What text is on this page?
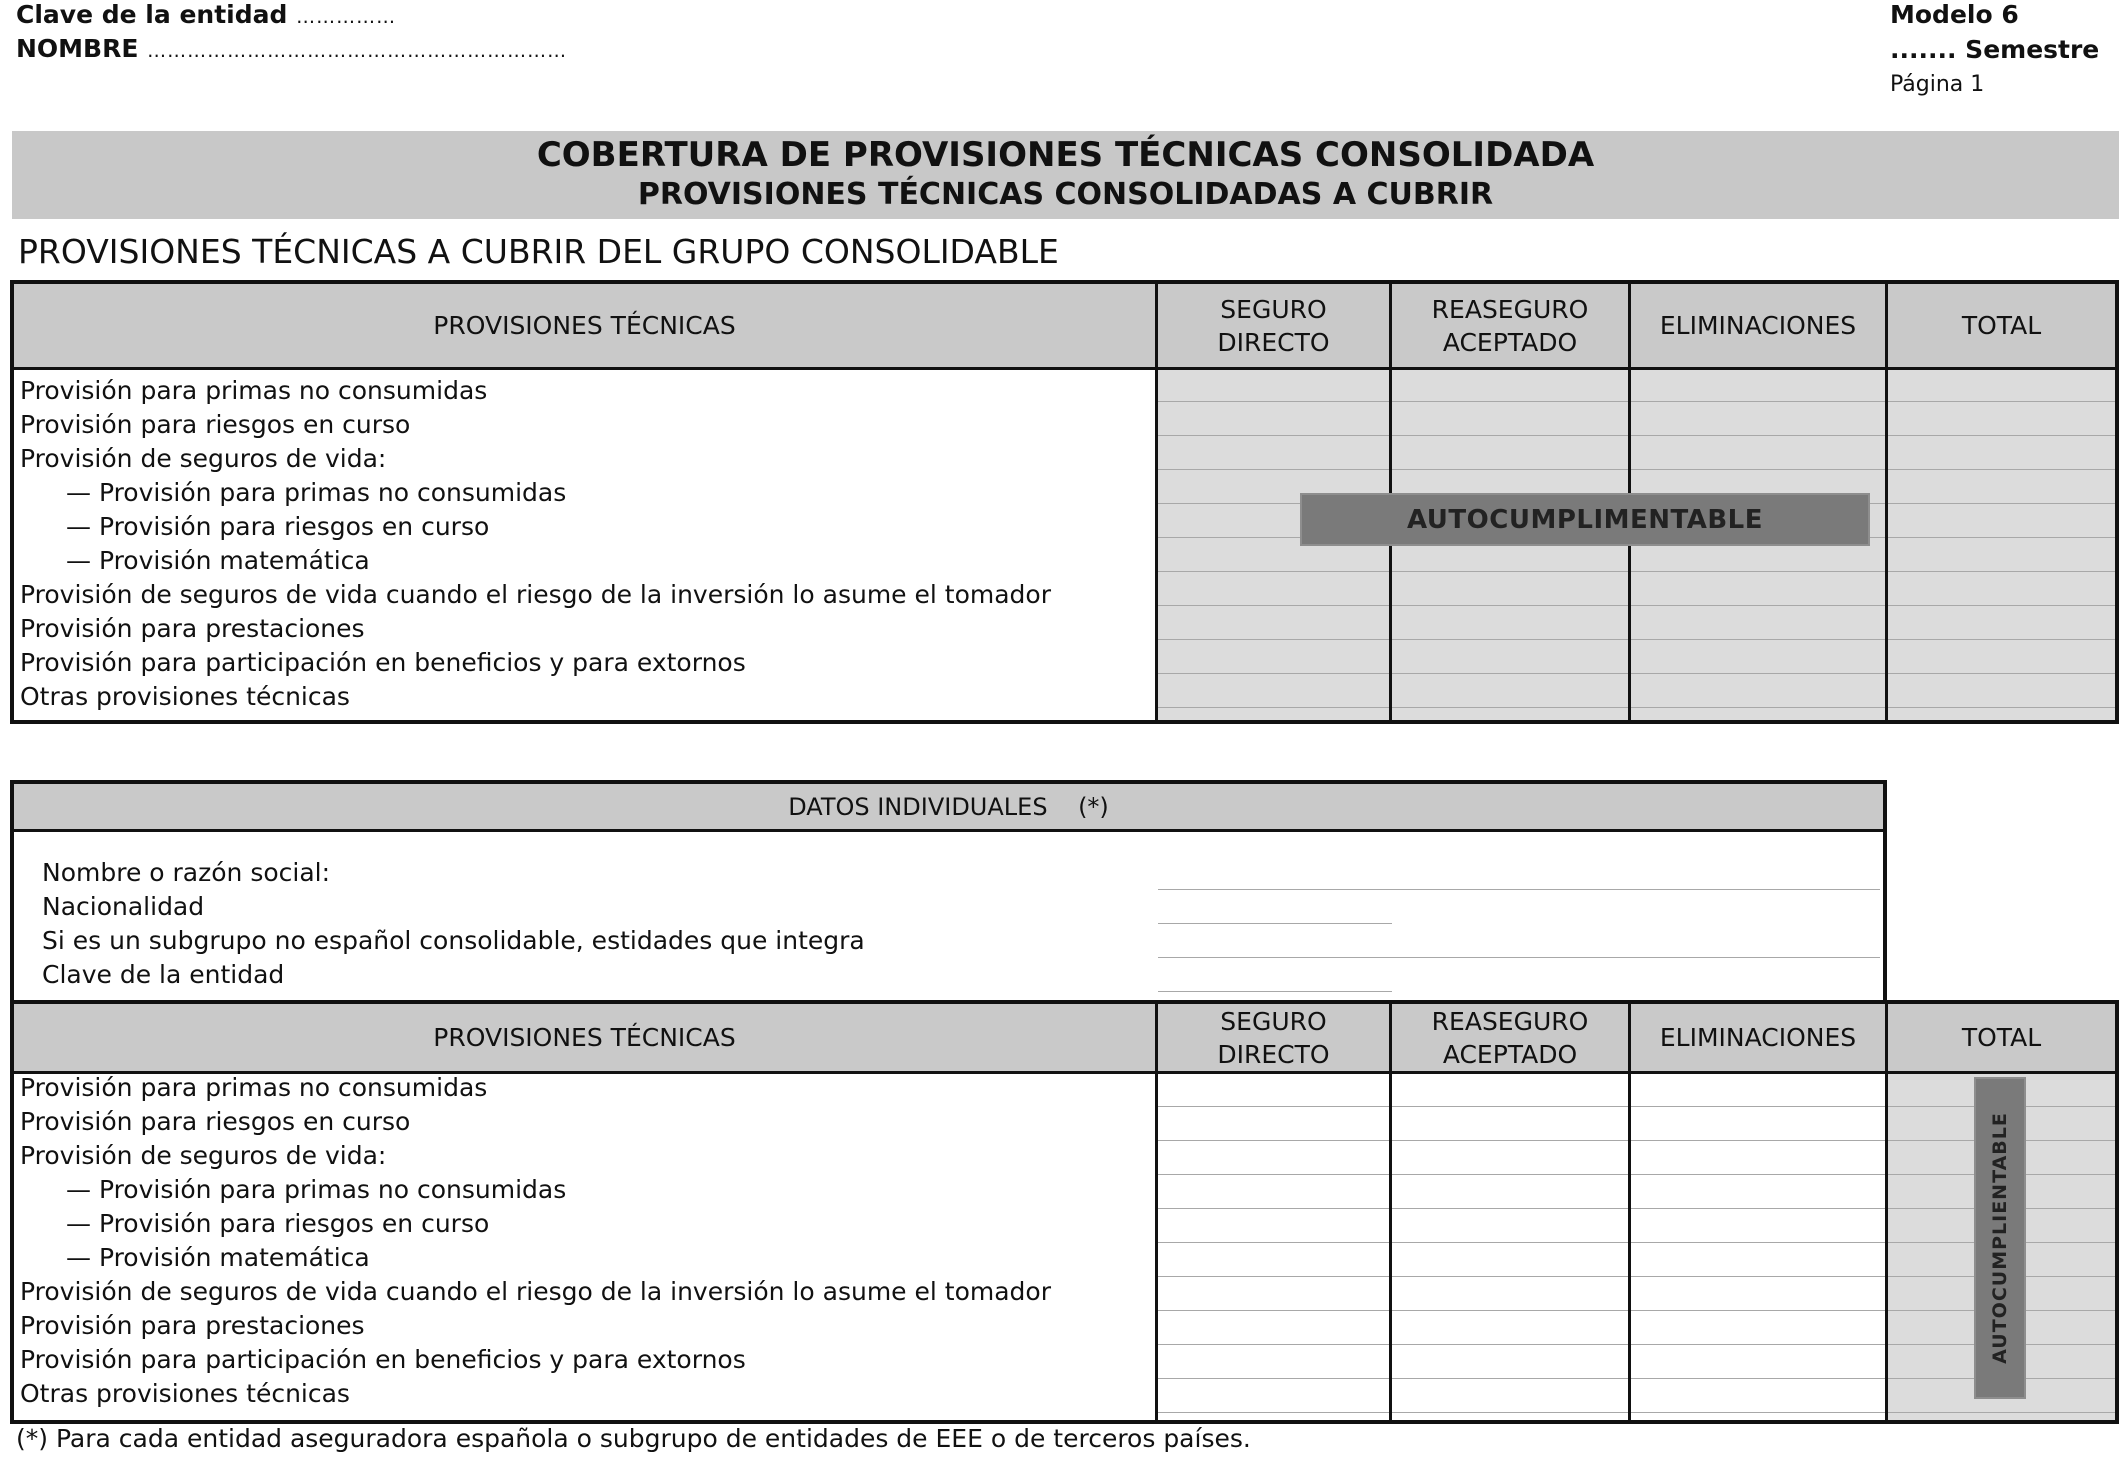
Clave de la entidad ……………
NOMBRE ………………………………………………………
Modelo 6
....... Semestre
Página 1
COBERTURA DE PROVISIONES TÉCNICAS CONSOLIDADA
PROVISIONES TÉCNICAS CONSOLIDADAS A CUBRIR
PROVISIONES TÉCNICAS A CUBRIR DEL GRUPO CONSOLIDABLE
PROVISIONES TÉCNICAS
SEGURO
DIRECTO
REASEGURO
ACEPTADO
ELIMINACIONES	TOTAL
Provisión para primas no consumidas
Provisión para riesgos en curso
Provisión de seguros de vida:
— Provisión para primas no consumidas
— Provisión para riesgos en curso
— Provisión matemática
Provisión de seguros de vida cuando el riesgo de la inversión lo asume el tomador
Provisión para prestaciones
Provisión para participación en beneficios y para extornos
Otras provisiones técnicas
AUTOCUMPLIMENTABLE
DATOS INDIVIDUALES    (*)
Nombre o razón social:
Nacionalidad
Si es un subgrupo no español consolidable, estidades que integra
Clave de la entidad
PROVISIONES TÉCNICAS
SEGURO
DIRECTO
REASEGURO
ACEPTADO
ELIMINACIONES	TOTAL
Provisión para primas no consumidas
Provisión para riesgos en curso
Provisión de seguros de vida:
— Provisión para primas no consumidas
— Provisión para riesgos en curso
— Provisión matemática
Provisión de seguros de vida cuando el riesgo de la inversión lo asume el tomador
Provisión para prestaciones
Provisión para participación en beneficios y para extornos
Otras provisiones técnicas
AUTOCUMPLIENTABLE
(*) Para cada entidad aseguradora española o subgrupo de entidades de EEE o de terceros países.
